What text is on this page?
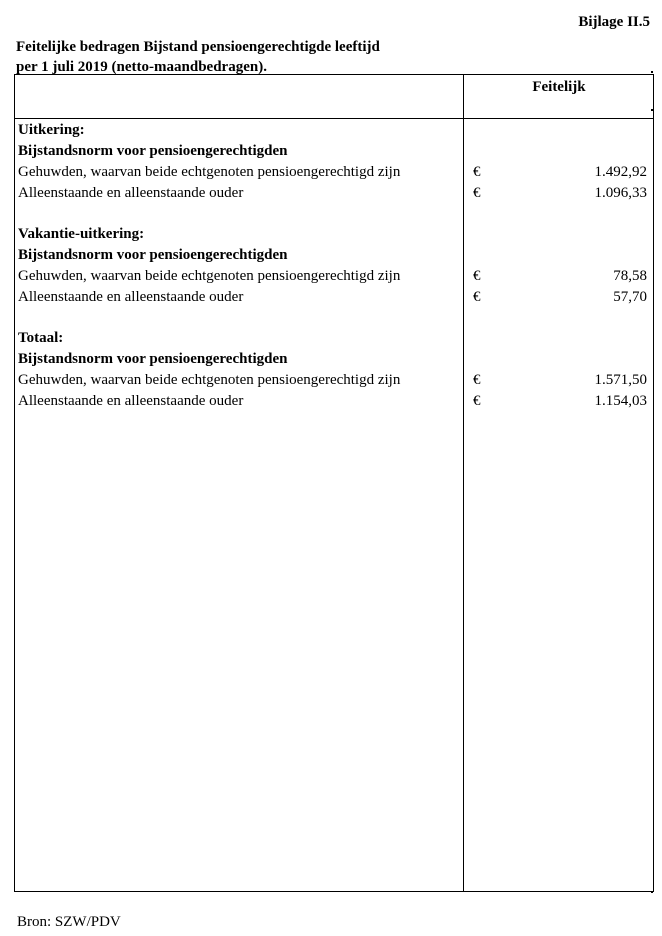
Bijlage II.5
Feitelijke bedragen Bijstand pensioengerechtigde leeftijd
per 1 juli 2019 (netto-maandbedragen).
Feitelijk
Uitkering:
Bijstandsnorm voor pensioengerechtigden
Gehuwden, waarvan beide echtgenoten pensioengerechtigd zijn	€	1.492,92
Alleenstaande en alleenstaande ouder	€	1.096,33
Vakantie-uitkering:
Bijstandsnorm voor pensioengerechtigden
Gehuwden, waarvan beide echtgenoten pensioengerechtigd zijn	€	78,58
Alleenstaande en alleenstaande ouder	€	57,70
Totaal:
Bijstandsnorm voor pensioengerechtigden
Gehuwden, waarvan beide echtgenoten pensioengerechtigd zijn	€	1.571,50
Alleenstaande en alleenstaande ouder	€	1.154,03
Bron: SZW/PDV
